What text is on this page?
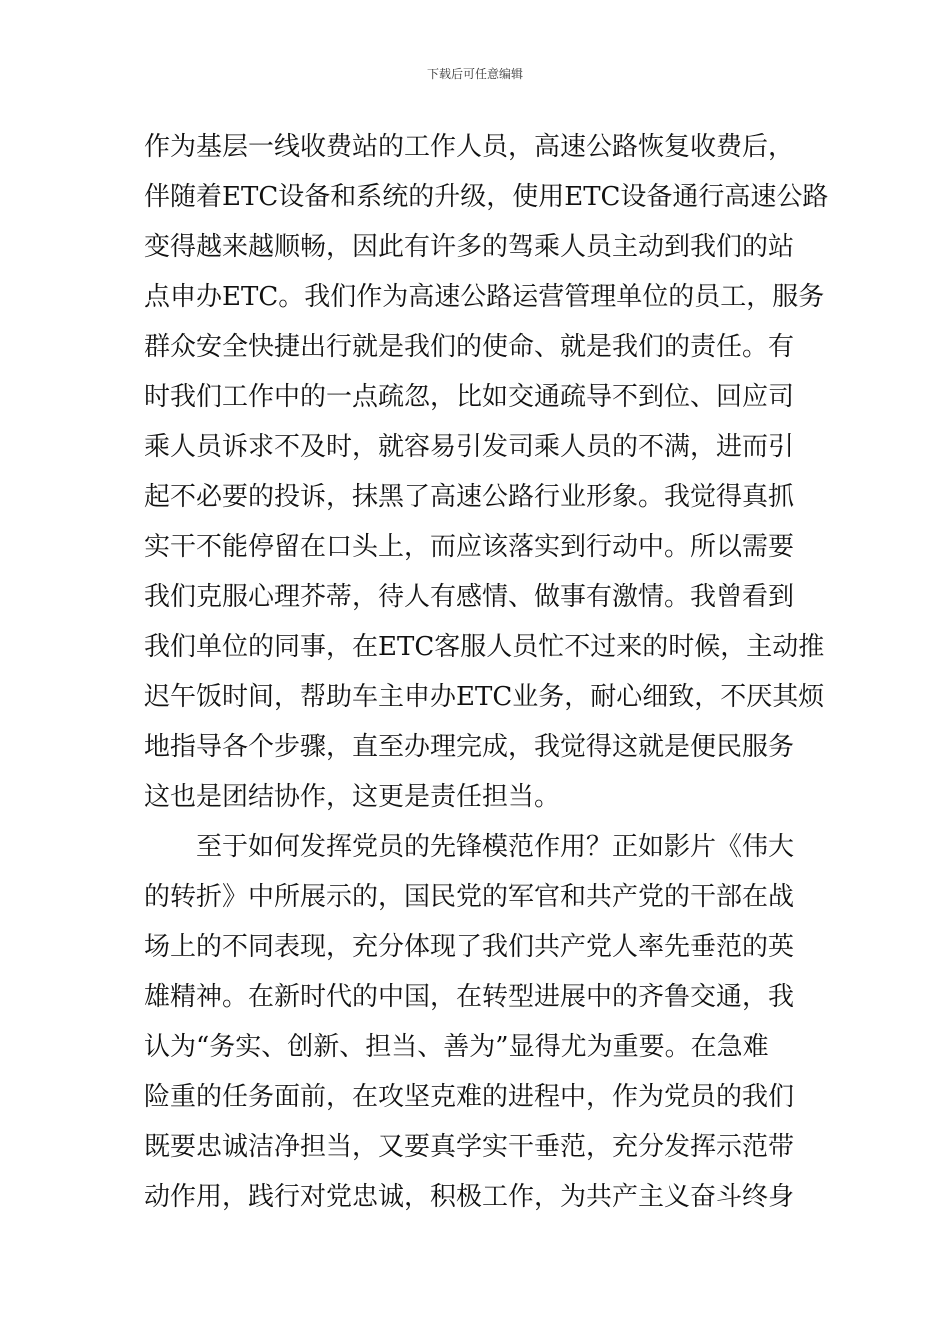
下载后可任意编辑
作为基层一线收费站的工作人员，高速公路恢复收费后，
伴随着ETC设备和系统的升级，使用ETC设备通行高速公路
变得越来越顺畅，因此有许多的驾乘人员主动到我们的站
点申办ETC。我们作为高速公路运营管理单位的员工，服务
群众安全快捷出行就是我们的使命、就是我们的责任。有
时我们工作中的一点疏忽，比如交通疏导不到位、回应司
乘人员诉求不及时，就容易引发司乘人员的不满，进而引
起不必要的投诉，抹黑了高速公路行业形象。我觉得真抓
实干不能停留在口头上，而应该落实到行动中。所以需要
我们克服心理芥蒂，待人有感情、做事有激情。我曾看到
我们单位的同事，在ETC客服人员忙不过来的时候，主动推
迟午饭时间，帮助车主申办ETC业务，耐心细致，不厌其烦
地指导各个步骤，直至办理完成，我觉得这就是便民服务
这也是团结协作，这更是责任担当。
　　至于如何发挥党员的先锋模范作用？正如影片《伟大
的转折》中所展示的，国民党的军官和共产党的干部在战
场上的不同表现，充分体现了我们共产党人率先垂范的英
雄精神。在新时代的中国，在转型进展中的齐鲁交通，我
认为“务实、创新、担当、善为”显得尤为重要。在急难
险重的任务面前，在攻坚克难的进程中，作为党员的我们
既要忠诚洁净担当，又要真学实干垂范，充分发挥示范带
动作用，践行对党忠诚，积极工作，为共产主义奋斗终身
